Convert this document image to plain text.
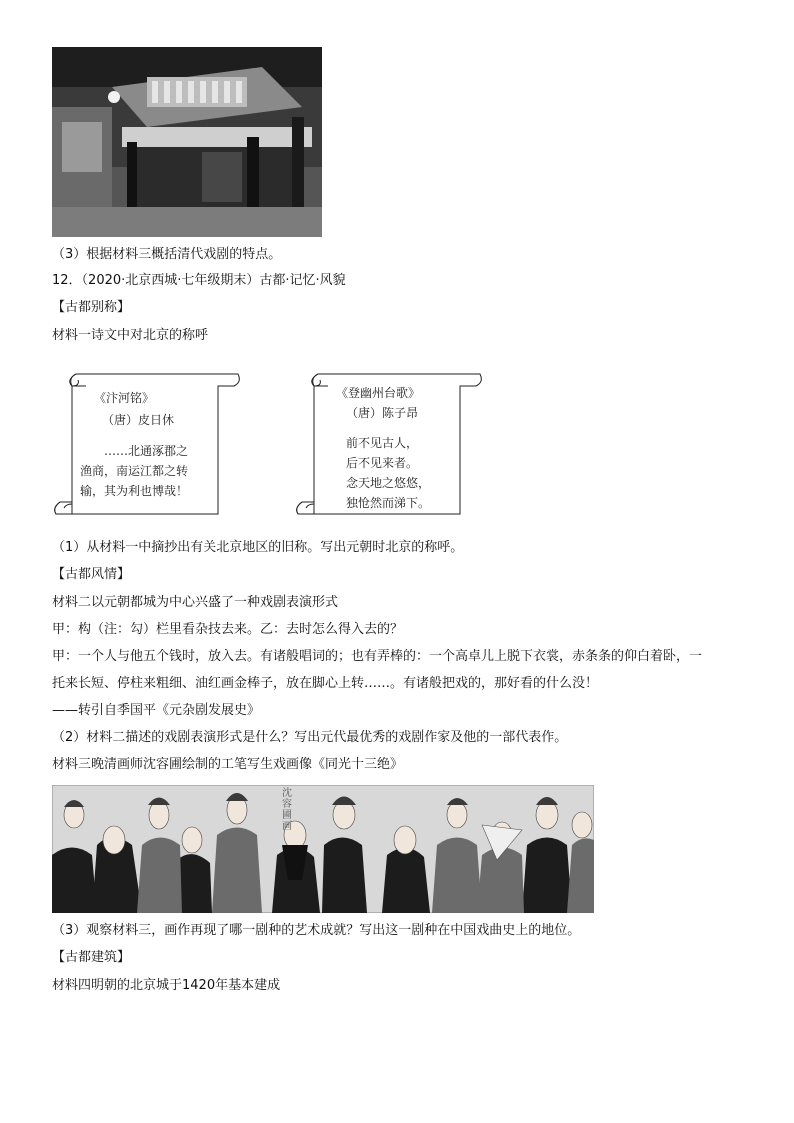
（3）根据材料三概括清代戏剧的特点。
12．（2020·北京西城·七年级期末）古都·记忆·风貌
【古都别称】
材料一诗文中对北京的称呼
《汴河铭》
（唐）皮日休
……北通涿郡之
渔商，南运江都之转
输，其为利也博哉！
《登幽州台歌》
（唐）陈子昂
前不见古人，
后不见来者。
念天地之悠悠，
独怆然而涕下。
（1）从材料一中摘抄出有关北京地区的旧称。写出元朝时北京的称呼。
【古都风情】
材料二以元朝都城为中心兴盛了一种戏剧表演形式
甲：构（注：勾）栏里看杂技去来。乙：去时怎么得入去的？
甲：一个人与他五个钱时，放入去。有诸般唱词的；也有弄棒的：一个高卓儿上脱下衣裳，赤条条的仰白着卧，一
托来长短、停柱来粗细、油红画金棒子，放在脚心上转……。有诸般把戏的，那好看的什么没！
——转引自季国平《元杂剧发展史》
（2）材料二描述的戏剧表演形式是什么？写出元代最优秀的戏剧作家及他的一部代表作。
材料三晚清画师沈容圃绘制的工笔写生戏画像《同光十三绝》
沈容圃画
（3）观察材料三，画作再现了哪一剧种的艺术成就？写出这一剧种在中国戏曲史上的地位。
【古都建筑】
材料四明朝的北京城于1420年基本建成
